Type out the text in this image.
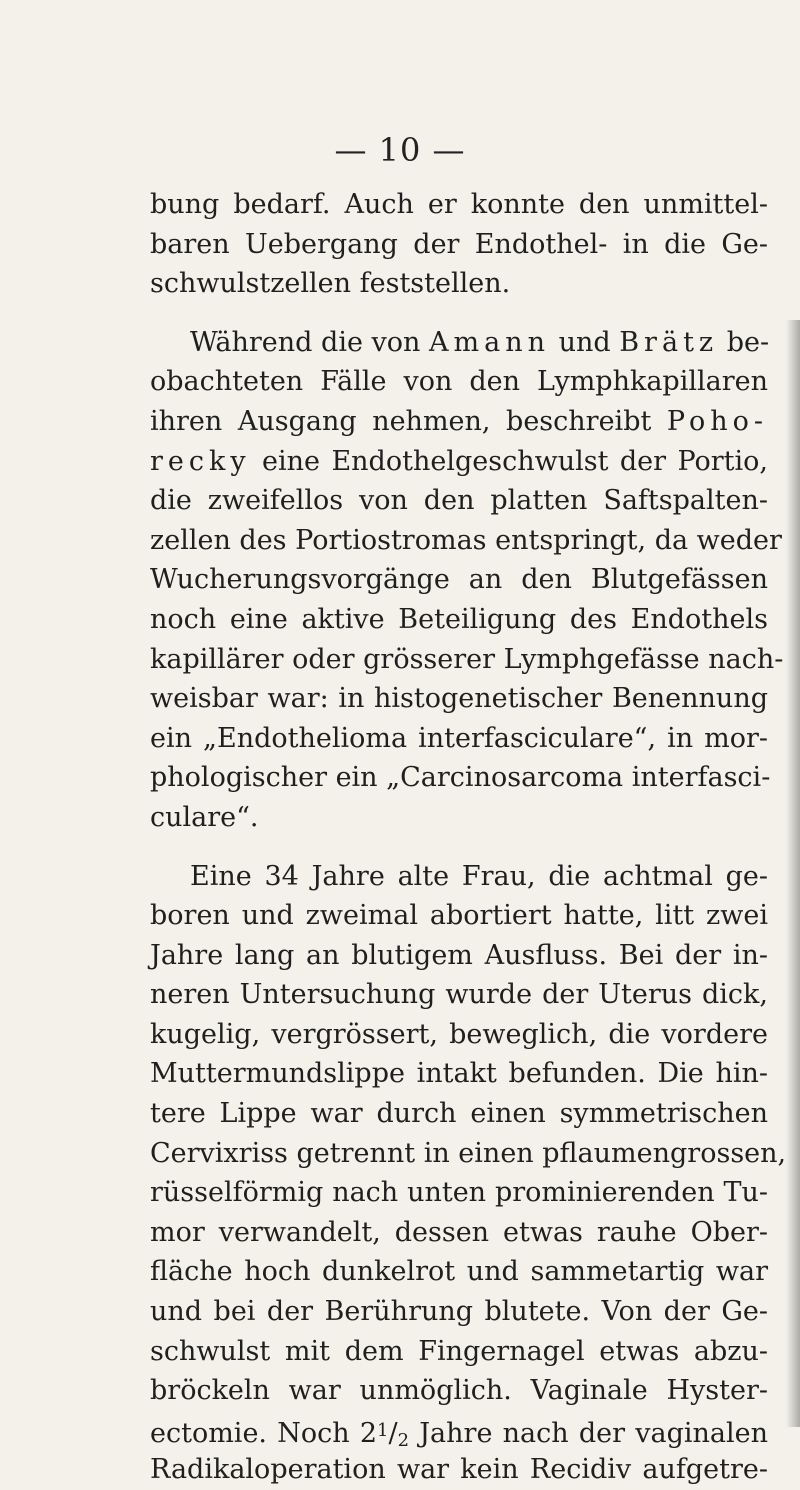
— 10 —
bung bedarf. Auch er konnte den unmittel-
baren Uebergang der Endothel- in die Ge-
schwulstzellen feststellen.
Während die von Amann und Brätz be-
obachteten Fälle von den Lymphkapillaren
ihren Ausgang nehmen, beschreibt Poho-
recky eine Endothelgeschwulst der Portio,
die zweifellos von den platten Saftspalten-
zellen des Portiostromas entspringt, da weder
Wucherungsvorgänge an den Blutgefässen
noch eine aktive Beteiligung des Endothels
kapillärer oder grösserer Lymphgefässe nach-
weisbar war: in histogenetischer Benennung
ein „Endothelioma interfasciculare“, in mor-
phologischer ein „Carcinosarcoma interfasci-
culare“.
Eine 34 Jahre alte Frau, die achtmal ge-
boren und zweimal abortiert hatte, litt zwei
Jahre lang an blutigem Ausfluss. Bei der in-
neren Untersuchung wurde der Uterus dick,
kugelig, vergrössert, beweglich, die vordere
Muttermundslippe intakt befunden. Die hin-
tere Lippe war durch einen symmetrischen
Cervixriss getrennt in einen pflaumengrossen,
rüsselförmig nach unten prominierenden Tu-
mor verwandelt, dessen etwas rauhe Ober-
fläche hoch dunkelrot und sammetartig war
und bei der Berührung blutete. Von der Ge-
schwulst mit dem Fingernagel etwas abzu-
bröckeln war unmöglich. Vaginale Hyster-
ectomie. Noch $2^1/2$ Jahre nach der vaginalen
Radikaloperation war kein Recidiv aufgetre-
